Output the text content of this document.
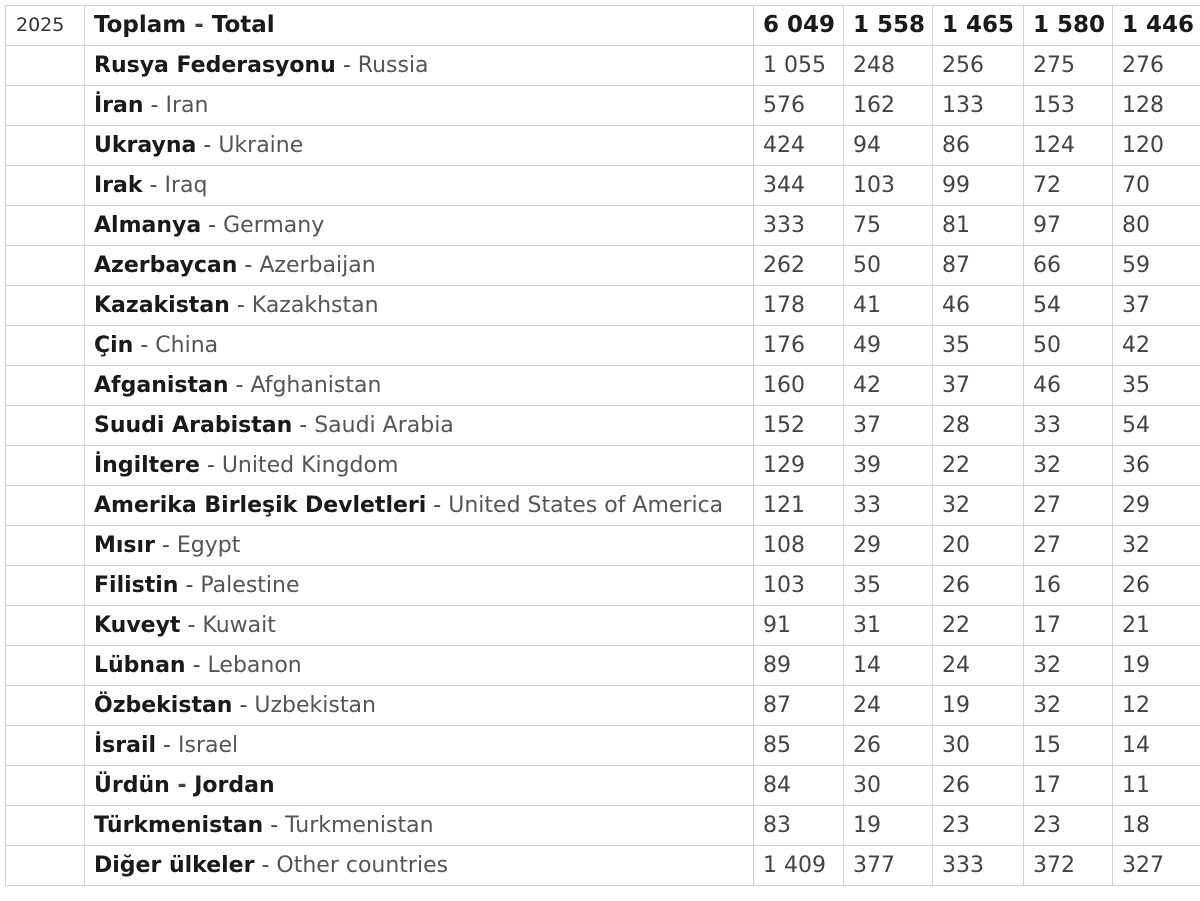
2025	Toplam - Total	6 049	1 558	1 465	1 580	1 446
	Rusya Federasyonu - Russia	1 055	248	256	275	276
	İran - Iran	576	162	133	153	128
	Ukrayna - Ukraine	424	94	86	124	120
	Irak - Iraq	344	103	99	72	70
	Almanya - Germany	333	75	81	97	80
	Azerbaycan - Azerbaijan	262	50	87	66	59
	Kazakistan - Kazakhstan	178	41	46	54	37
	Çin - China	176	49	35	50	42
	Afganistan - Afghanistan	160	42	37	46	35
	Suudi Arabistan - Saudi Arabia	152	37	28	33	54
	İngiltere - United Kingdom	129	39	22	32	36
	Amerika Birleşik Devletleri - United States of America	121	33	32	27	29
	Mısır - Egypt	108	29	20	27	32
	Filistin - Palestine	103	35	26	16	26
	Kuveyt - Kuwait	91	31	22	17	21
	Lübnan - Lebanon	89	14	24	32	19
	Özbekistan - Uzbekistan	87	24	19	32	12
	İsrail - Israel	85	26	30	15	14
	Ürdün - Jordan	84	30	26	17	11
	Türkmenistan - Turkmenistan	83	19	23	23	18
	Diğer ülkeler - Other countries	1 409	377	333	372	327
